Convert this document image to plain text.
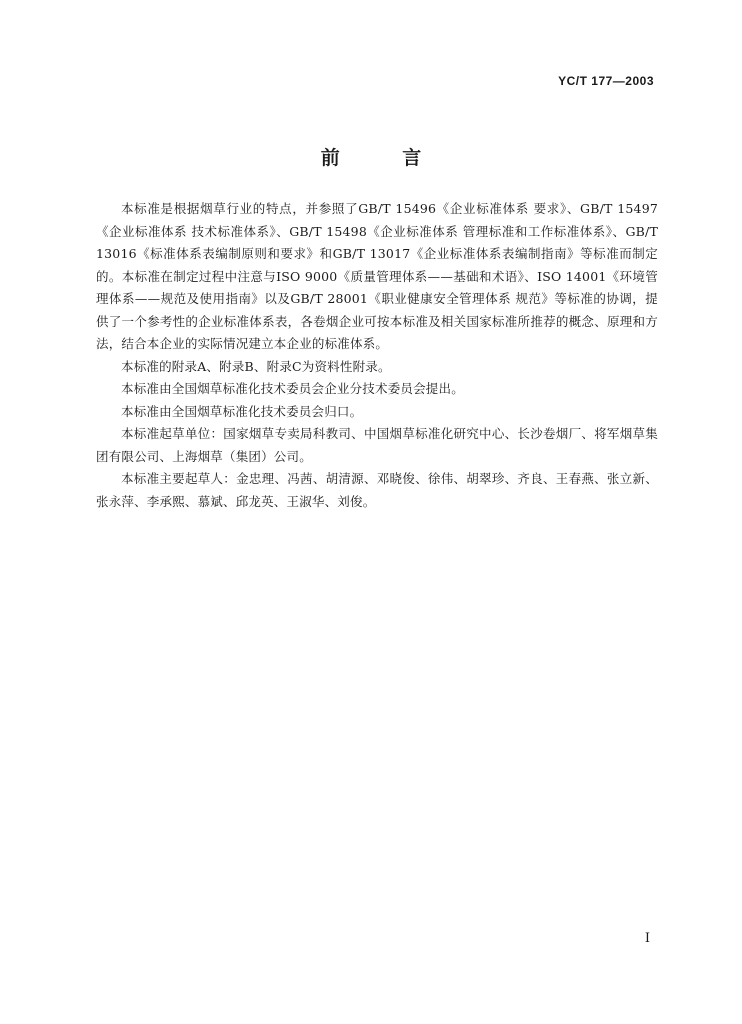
YC/T 177—2003
前 言

本标准是根据烟草行业的特点，并参照了GB/T 15496《企业标准体系 要求》、GB/T 15497《企业标准体系 技术标准体系》、GB/T 15498《企业标准体系 管理标准和工作标准体系》、GB/T 13016《标准体系表编制原则和要求》和GB/T 13017《企业标准体系表编制指南》等标准而制定的。本标准在制定过程中注意与ISO 9000《质量管理体系——基础和术语》、ISO 14001《环境管理体系——规范及使用指南》以及GB/T 28001《职业健康安全管理体系 规范》等标准的协调，提供了一个参考性的企业标准体系表，各卷烟企业可按本标准及相关国家标准所推荐的概念、原理和方法，结合本企业的实际情况建立本企业的标准体系。

本标准的附录A、附录B、附录C为资料性附录。

本标准由全国烟草标准化技术委员会企业分技术委员会提出。

本标准由全国烟草标准化技术委员会归口。

本标准起草单位：国家烟草专卖局科教司、中国烟草标准化研究中心、长沙卷烟厂、将军烟草集团有限公司、上海烟草（集团）公司。

本标准主要起草人：金忠理、冯茜、胡清源、邓晓俊、徐伟、胡翠珍、齐良、王春燕、张立新、张永萍、李承熙、慕斌、邱龙英、王淑华、刘俊。

I
